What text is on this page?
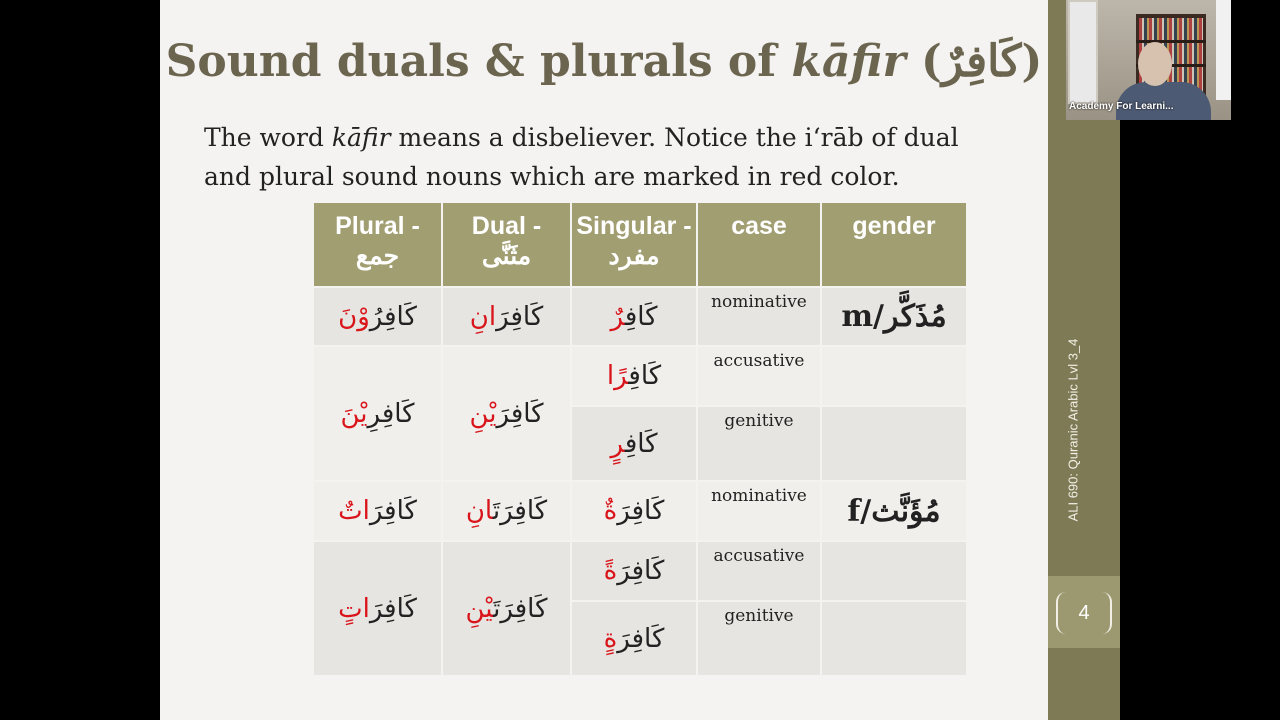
Sound duals & plurals of kāfir (كَافِرٌ)
The word kāfir means a disbeliever. Notice the i‘rāb of dual and plural sound nouns which are marked in red color.
Plural - جمع	Dual - مثَنَّى	Singular - مفرد	case	gender
كَافِرُوْنَ	كَافِرَانِ	كَافِرٌ	nominative	m/مُذَكَّر
كَافِرِيْنَ	كَافِرَيْنِ	كَافِرًا	accusative	
		كَافِرٍ	genitive	
كَافِرَاتٌ	كَافِرَتَانِ	كَافِرَةٌ	nominative	f/مُؤَنَّث
كَافِرَاتٍ	كَافِرَتَيْنِ	كَافِرَةً	accusative	
		كَافِرَةٍ	genitive	
ALI 690: Quranic Arabic Lvl 3_4
4
Academy For Learni...
